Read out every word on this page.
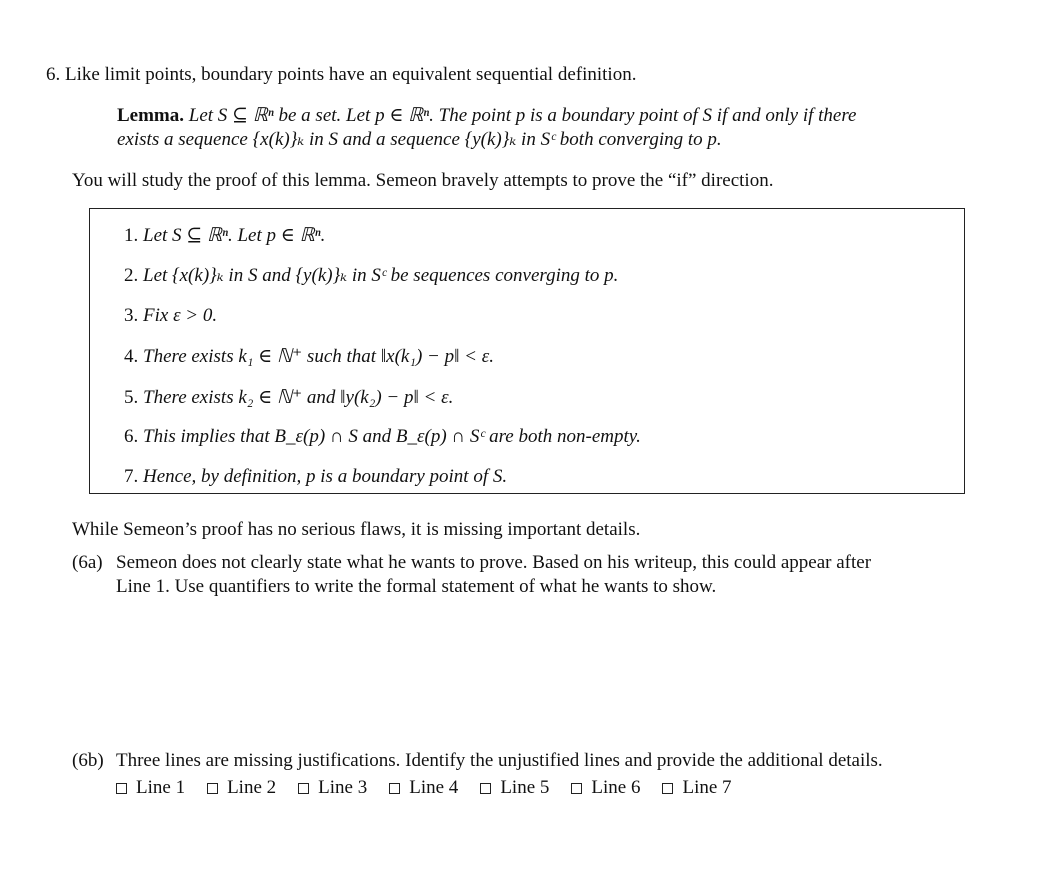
6. Like limit points, boundary points have an equivalent sequential definition.
Lemma. Let S ⊆ ℝⁿ be a set. Let p ∈ ℝⁿ. The point p is a boundary point of S if and only if there
exists a sequence {x(k)}ₖ in S and a sequence {y(k)}ₖ in Sᶜ both converging to p.
You will study the proof of this lemma. Semeon bravely attempts to prove the “if” direction.
1. Let S ⊆ ℝⁿ. Let p ∈ ℝⁿ.
2. Let {x(k)}ₖ in S and {y(k)}ₖ in Sᶜ be sequences converging to p.
3. Fix ε > 0.
4. There exists k₁ ∈ ℕ⁺ such that ‖x(k₁) − p‖ < ε.
5. There exists k₂ ∈ ℕ⁺ and ‖y(k₂) − p‖ < ε.
6. This implies that B_ε(p) ∩ S and B_ε(p) ∩ Sᶜ are both non-empty.
7. Hence, by definition, p is a boundary point of S.
While Semeon’s proof has no serious flaws, it is missing important details.
(6a) Semeon does not clearly state what he wants to prove. Based on his writeup, this could appear after
Line 1. Use quantifiers to write the formal statement of what he wants to show.
(6b) Three lines are missing justifications. Identify the unjustified lines and provide the additional details.
Line 1 Line 2 Line 3 Line 4 Line 5 Line 6 Line 7
